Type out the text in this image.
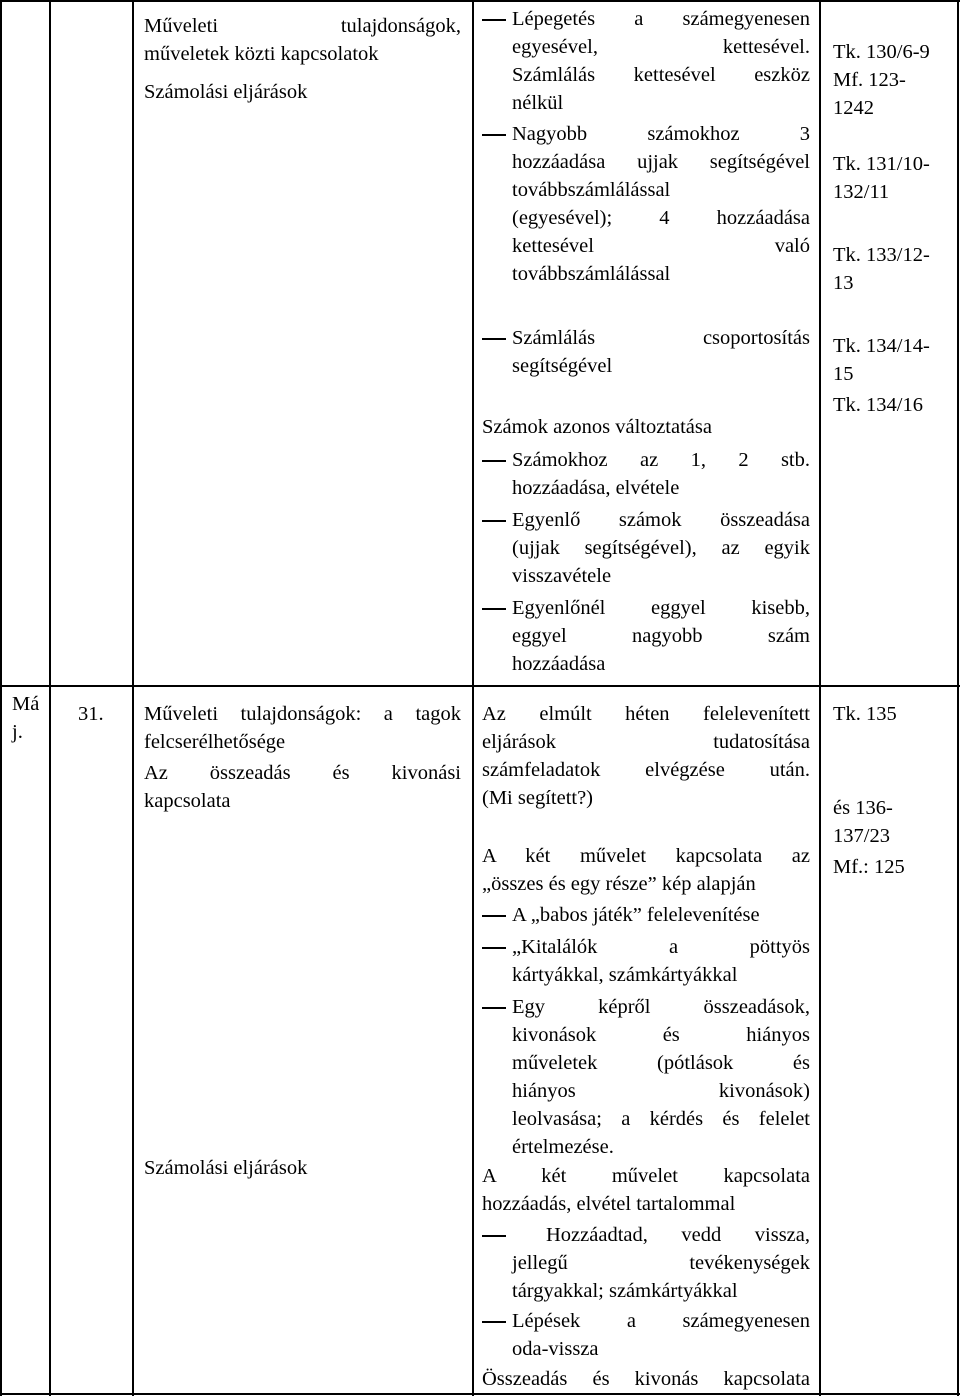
Műveleti tulajdonságok,
műveletek közti kapcsolatok
Számolási eljárások
Lépegetés a számegyenesen
egyesével, kettesével.
Számlálás kettesével eszköz
nélkül
Nagyobb számokhoz 3
hozzáadása ujjak segítségével
továbbszámlálással
(egyesével); 4 hozzáadása
kettesével való
továbbszámlálással
Tk. 130/6-9
Mf. 123-
1242
Tk. 131/10-
132/11
Tk. 133/12-
13
Számlálás csoportosítás
segítségével
Tk. 134/14-
15
Tk. 134/16
Számok azonos változtatása
Számokhoz az 1, 2 stb.
hozzáadása, elvétele
Egyenlő számok összeadása
(ujjak segítségével), az egyik
visszavétele
Egyenlőnél eggyel kisebb,
eggyel nagyobb szám
hozzáadása
Má
j.
31.	Műveleti tulajdonságok: a tagok
felcserélhetősége
Az összeadás és kivonási
kapcsolata
Számolási eljárások
Az elmúlt héten felelevenített
eljárások tudatosítása
számfeladatok elvégzése után.
(Mi segített?)
A két művelet kapcsolata az
„összes és egy része” kép alapján
A „babos játék” felelevenítése
„Kitalálók a pöttyös
kártyákkal, számkártyákkal
Egy képről összeadások,
kivonások és hiányos
műveletek (pótlások és
hiányos kivonások)
leolvasása; a kérdés és felelet
értelmezése.
A két művelet kapcsolata
hozzáadás, elvétel tartalommal
Hozzáadtad, vedd vissza,
jellegű tevékenységek
tárgyakkal; számkártyákkal
Lépések a számegyenesen
oda-vissza
Összeadás és kivonás kapcsolata
Tk. 135
és 136-
137/23
Mf.: 125
